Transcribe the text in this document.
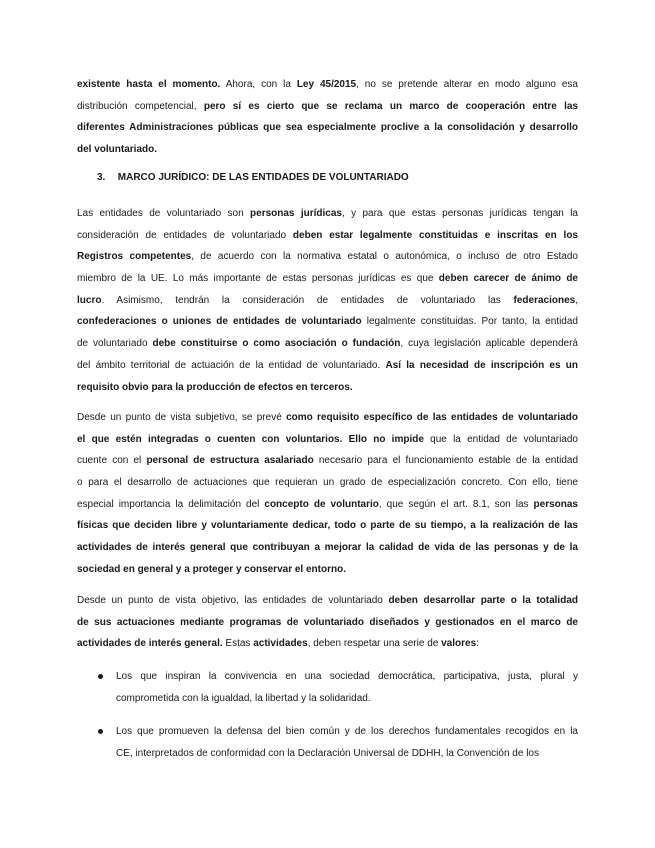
existente hasta el momento. Ahora, con la Ley 45/2015, no se pretende alterar en modo alguno esa
distribución competencial, pero sí es cierto que se reclama un marco de cooperación entre las
diferentes Administraciones públicas que sea especialmente proclive a la consolidación y desarrollo
del voluntariado.
3. MARCO JURÍDICO: DE LAS ENTIDADES DE VOLUNTARIADO
Las entidades de voluntariado son personas jurídicas, y para que estas personas jurídicas tengan la
consideración de entidades de voluntariado deben estar legalmente constituidas e inscritas en los
Registros competentes, de acuerdo con la normativa estatal o autonómica, o incluso de otro Estado
miembro de la UE. Lo más importante de estas personas jurídicas es que deben carecer de ánimo de
lucro. Asimismo, tendrán la consideración de entidades de voluntariado las federaciones,
confederaciones o uniones de entidades de voluntariado legalmente constituidas. Por tanto, la entidad
de voluntariado debe constituirse o como asociación o fundación, cuya legislación aplicable dependerá
del ámbito territorial de actuación de la entidad de voluntariado. Así la necesidad de inscripción es un
requisito obvio para la producción de efectos en terceros.
Desde un punto de vista subjetivo, se prevé como requisito específico de las entidades de voluntariado
el que estén integradas o cuenten con voluntarios. Ello no impide que la entidad de voluntariado
cuente con el personal de estructura asalariado necesario para el funcionamiento estable de la entidad
o para el desarrollo de actuaciones que requieran un grado de especialización concreto. Con ello, tiene
especial importancia la delimitación del concepto de voluntario, que según el art. 8.1, son las personas
físicas que deciden libre y voluntariamente dedicar, todo o parte de su tiempo, a la realización de las
actividades de interés general que contribuyan a mejorar la calidad de vida de las personas y de la
sociedad en general y a proteger y conservar el entorno.
Desde un punto de vista objetivo, las entidades de voluntariado deben desarrollar parte o la totalidad
de sus actuaciones mediante programas de voluntariado diseñados y gestionados en el marco de
actividades de interés general. Estas actividades, deben respetar una serie de valores:
Los que inspiran la convivencia en una sociedad democrática, participativa, justa, plural y
comprometida con la igualdad, la libertad y la solidaridad.
Los que promueven la defensa del bien común y de los derechos fundamentales recogidos en la
CE, interpretados de conformidad con la Declaración Universal de DDHH, la Convención de los
